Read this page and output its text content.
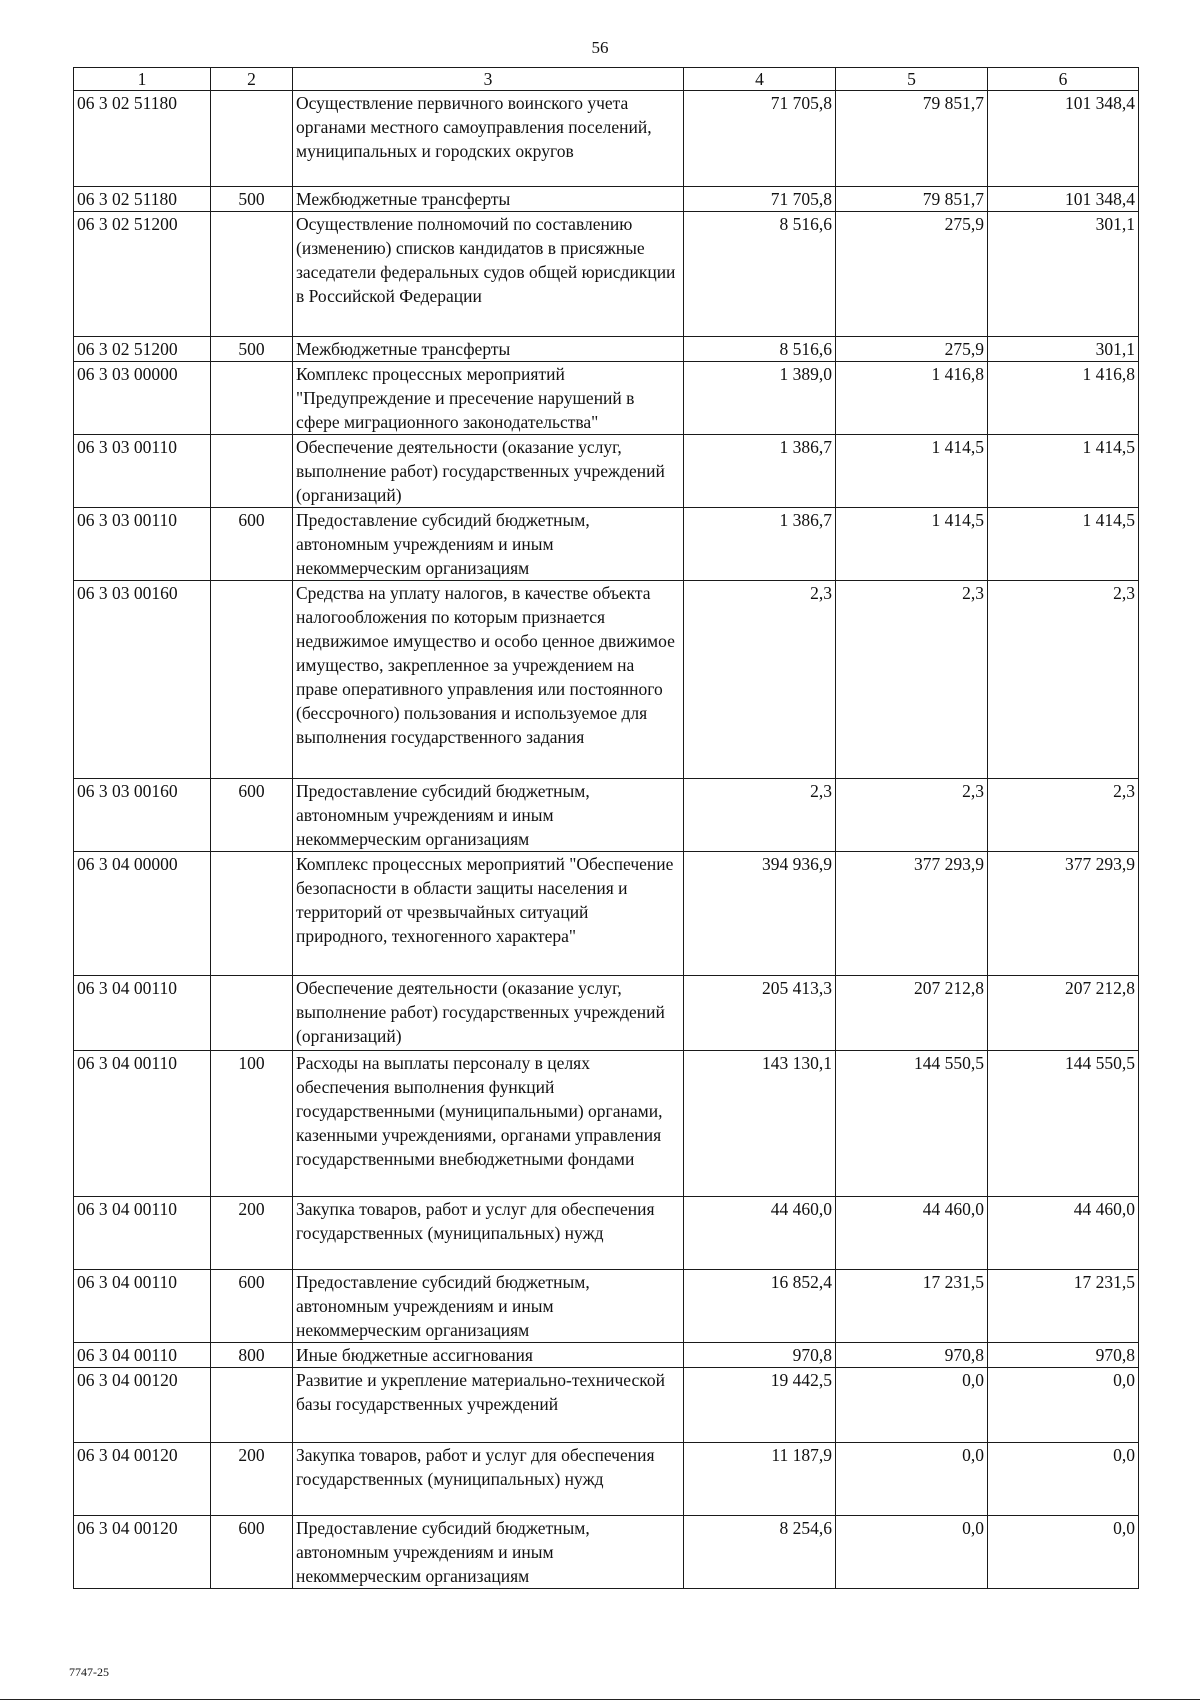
56
1	2	3	4	5	6
06 3 02 51180		Осуществление первичного воинского учета органами местного самоуправления поселений, муниципальных и городских округов	71 705,8	79 851,7	101 348,4
06 3 02 51180	500	Межбюджетные трансферты	71 705,8	79 851,7	101 348,4
06 3 02 51200		Осуществление полномочий по составлению (изменению) списков кандидатов в присяжные заседатели федеральных судов общей юрисдикции в Российской Федерации	8 516,6	275,9	301,1
06 3 02 51200	500	Межбюджетные трансферты	8 516,6	275,9	301,1
06 3 03 00000		Комплекс процессных мероприятий "Предупреждение и пресечение нарушений в сфере миграционного законодательства"	1 389,0	1 416,8	1 416,8
06 3 03 00110		Обеспечение деятельности (оказание услуг, выполнение работ) государственных учреждений (организаций)	1 386,7	1 414,5	1 414,5
06 3 03 00110	600	Предоставление субсидий бюджетным, автономным учреждениям и иным некоммерческим организациям	1 386,7	1 414,5	1 414,5
06 3 03 00160		Средства на уплату налогов, в качестве объекта налогообложения по которым признается недвижимое имущество и особо ценное движимое имущество, закрепленное за учреждением на праве оперативного управления или постоянного (бессрочного) пользования и используемое для выполнения государственного задания	2,3	2,3	2,3
06 3 03 00160	600	Предоставление субсидий бюджетным, автономным учреждениям и иным некоммерческим организациям	2,3	2,3	2,3
06 3 04 00000		Комплекс процессных мероприятий "Обеспечение безопасности в области защиты населения и территорий от чрезвычайных ситуаций природного, техногенного характера"	394 936,9	377 293,9	377 293,9
06 3 04 00110		Обеспечение деятельности (оказание услуг, выполнение работ) государственных учреждений (организаций)	205 413,3	207 212,8	207 212,8
06 3 04 00110	100	Расходы на выплаты персоналу в целях обеспечения выполнения функций государственными (муниципальными) органами, казенными учреждениями, органами управления государственными внебюджетными фондами	143 130,1	144 550,5	144 550,5
06 3 04 00110	200	Закупка товаров, работ и услуг для обеспечения государственных (муниципальных) нужд	44 460,0	44 460,0	44 460,0
06 3 04 00110	600	Предоставление субсидий бюджетным, автономным учреждениям и иным некоммерческим организациям	16 852,4	17 231,5	17 231,5
06 3 04 00110	800	Иные бюджетные ассигнования	970,8	970,8	970,8
06 3 04 00120		Развитие и укрепление материально-технической базы государственных учреждений	19 442,5	0,0	0,0
06 3 04 00120	200	Закупка товаров, работ и услуг для обеспечения государственных (муниципальных) нужд	11 187,9	0,0	0,0
06 3 04 00120	600	Предоставление субсидий бюджетным, автономным учреждениям и иным некоммерческим организациям	8 254,6	0,0	0,0
7747-25
